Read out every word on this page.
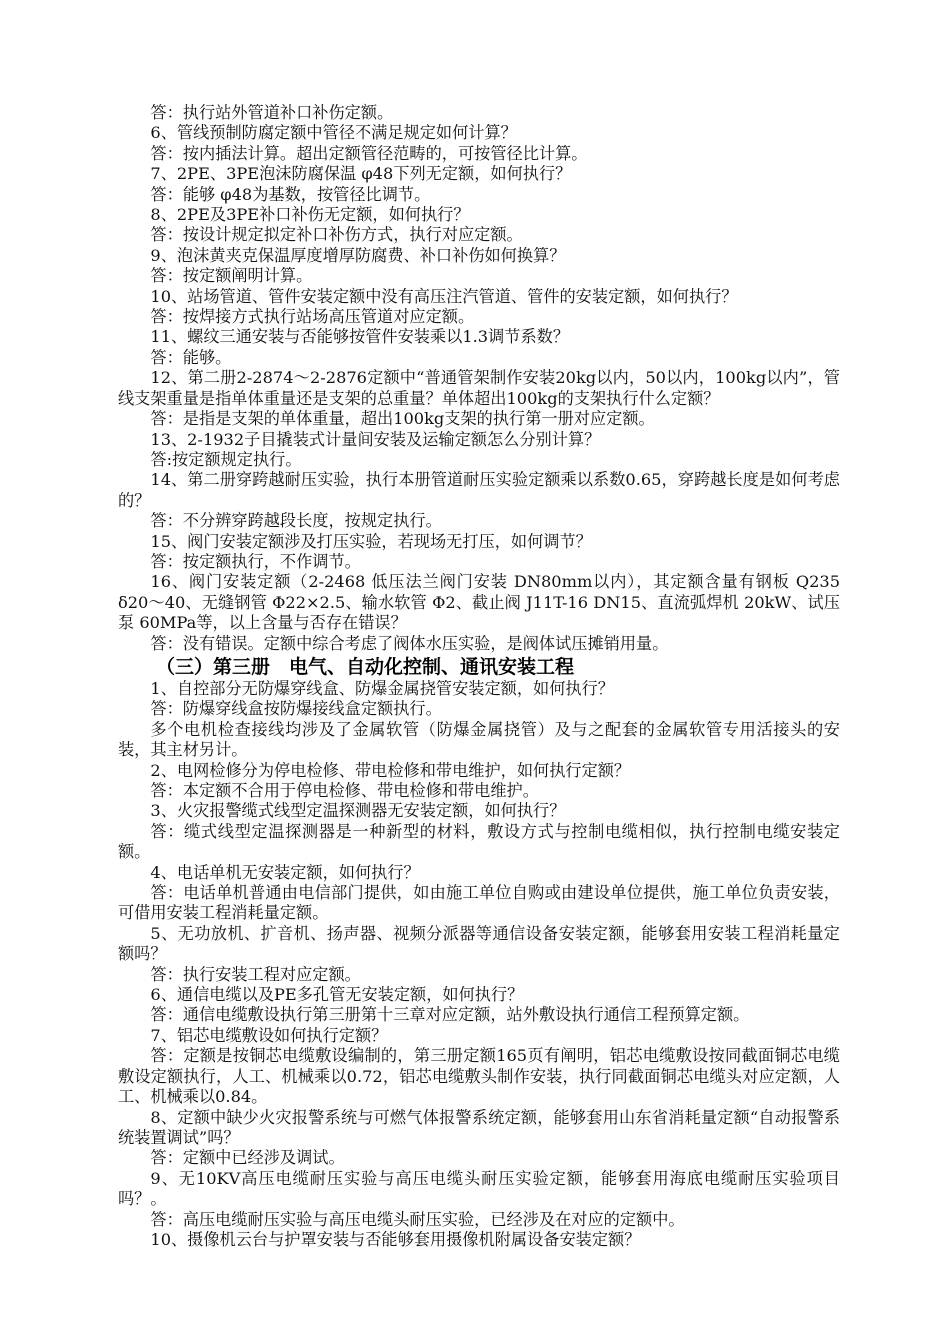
答：执行站外管道补口补伤定额。

6、管线预制防腐定额中管径不满足规定如何计算？

答：按内插法计算。超出定额管径范畴的，可按管径比计算。

7、2PE、3PE泡沫防腐保温 φ48下列无定额，如何执行？

答：能够 φ48为基数，按管径比调节。

8、2PE及3PE补口补伤无定额，如何执行？

答：按设计规定拟定补口补伤方式，执行对应定额。

9、泡沫黄夹克保温厚度增厚防腐费、补口补伤如何换算？

答：按定额阐明计算。

10、站场管道、管件安装定额中没有高压注汽管道、管件的安装定额，如何执行？

答：按焊接方式执行站场高压管道对应定额。

11、螺纹三通安装与否能够按管件安装乘以1.3调节系数？

答：能够。

12、第二册2-2874～2-2876定额中“普通管架制作安装20kg以内，50以内，100kg以内”，管线支架重量是指单体重量还是支架的总重量？单体超出100kg的支架执行什么定额？

答：是指是支架的单体重量，超出100kg支架的执行第一册对应定额。

13、2-1932子目撬装式计量间安装及运输定额怎么分别计算？

答:按定额规定执行。

14、第二册穿跨越耐压实验，执行本册管道耐压实验定额乘以系数0.65，穿跨越长度是如何考虑的？

答：不分辨穿跨越段长度，按规定执行。

15、阀门安装定额涉及打压实验，若现场无打压，如何调节？

答：按定额执行，不作调节。

16、阀门安装定额（2-2468 低压法兰阀门安装 DN80mm以内），其定额含量有钢板 Q235 δ20～40、无缝钢管 Φ22×2.5、输水软管 Φ2、截止阀 J11T-16 DN15、直流弧焊机 20kW、试压泵 60MPa等，以上含量与否存在错误？

答：没有错误。定额中综合考虑了阀体水压实验，是阀体试压摊销用量。

（三）第三册　电气、自动化控制、通讯安装工程

1、自控部分无防爆穿线盒、防爆金属挠管安装定额，如何执行？

答：防爆穿线盒按防爆接线盒定额执行。

多个电机检查接线均涉及了金属软管（防爆金属挠管）及与之配套的金属软管专用活接头的安装，其主材另计。

2、电网检修分为停电检修、带电检修和带电维护，如何执行定额？

答：本定额不合用于停电检修、带电检修和带电维护。

3、火灾报警缆式线型定温探测器无安装定额，如何执行？

答：缆式线型定温探测器是一种新型的材料，敷设方式与控制电缆相似，执行控制电缆安装定额。

4、电话单机无安装定额，如何执行？

答：电话单机普通由电信部门提供，如由施工单位自购或由建设单位提供，施工单位负责安装，可借用安装工程消耗量定额。

5、无功放机、扩音机、扬声器、视频分派器等通信设备安装定额，能够套用安装工程消耗量定额吗？

答：执行安装工程对应定额。

6、通信电缆以及PE多孔管无安装定额，如何执行？

答：通信电缆敷设执行第三册第十三章对应定额，站外敷设执行通信工程预算定额。

7、铝芯电缆敷设如何执行定额？

答：定额是按铜芯电缆敷设编制的，第三册定额165页有阐明，铝芯电缆敷设按同截面铜芯电缆敷设定额执行，人工、机械乘以0.72，铝芯电缆敷头制作安装，执行同截面铜芯电缆头对应定额，人工、机械乘以0.84。

8、定额中缺少火灾报警系统与可燃气体报警系统定额，能够套用山东省消耗量定额“自动报警系统装置调试”吗？

答：定额中已经涉及调试。

9、无10KV高压电缆耐压实验与高压电缆头耐压实验定额，能够套用海底电缆耐压实验项目吗？。

答：高压电缆耐压实验与高压电缆头耐压实验，已经涉及在对应的定额中。

10、摄像机云台与护罩安装与否能够套用摄像机附属设备安装定额？
